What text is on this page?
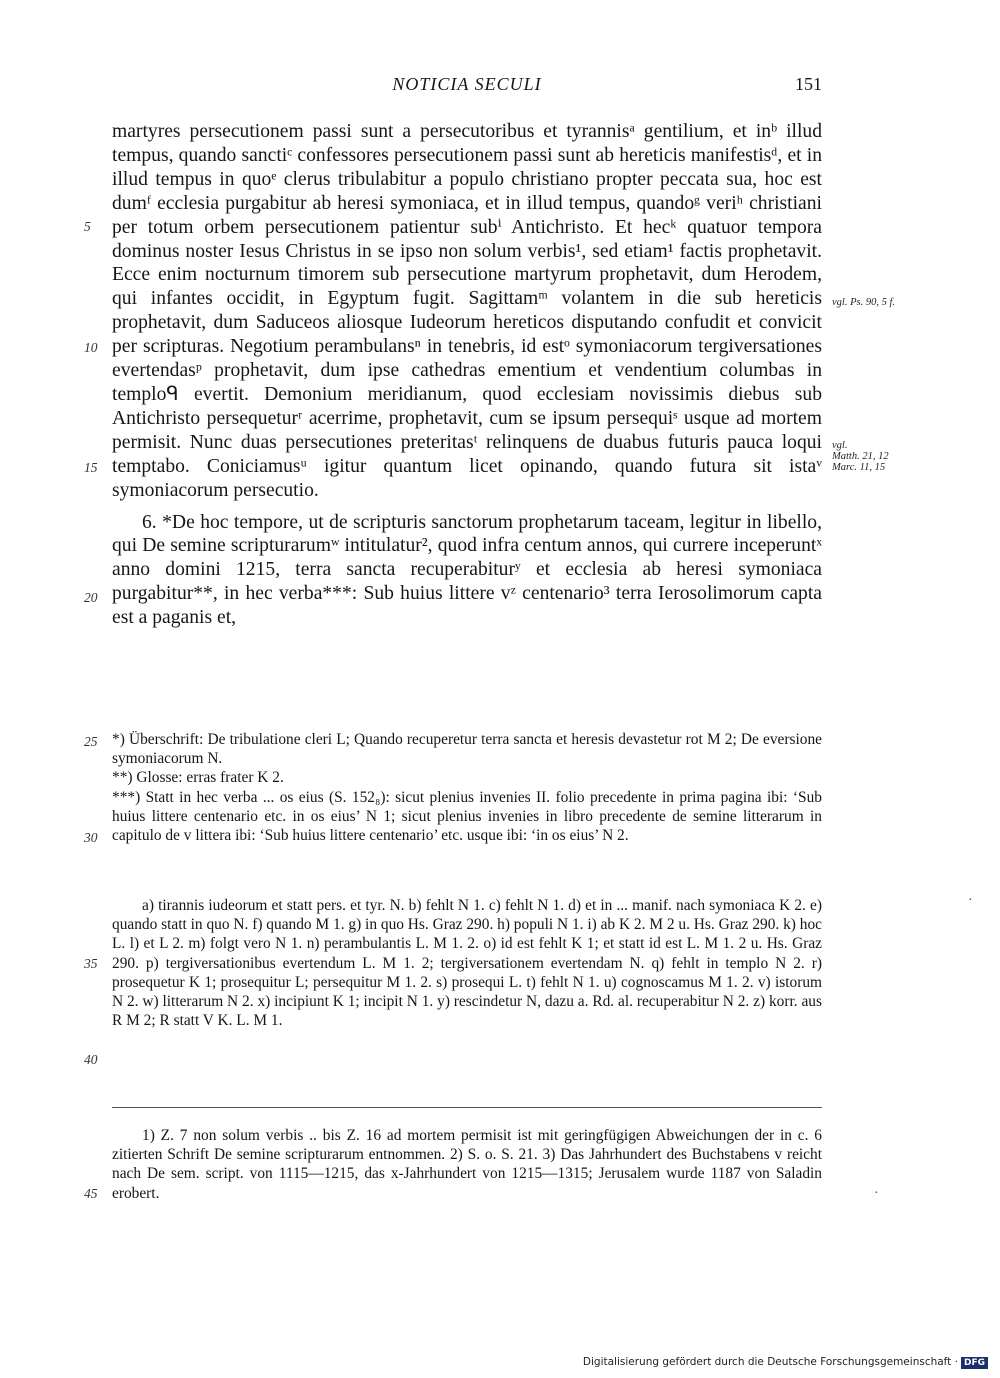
NOTICIA SECULI	151

martyres persecutionem passi sunt a persecutoribus et tyrannisᵃ gentilium, et inᵇ illud tempus, quando sanctiᶜ confessores persecutionem passi sunt ab hereticis manifestisᵈ, et in illud tempus in quoᵉ clerus tribulabitur a populo christiano propter peccata sua, hoc est dumᶠ ecclesia purgabitur ab heresi symoniaca, et in illud tempus, quandoᵍ veriʰ christiani per totum orbem persecutionem patientur subⁱ Antichristo. Et hecᵏ quatuor tempora dominus noster Iesus Christus in se ipso non solum verbis¹, sed etiam¹ factis prophetavit. Ecce enim nocturnum timorem sub persecutione martyrum prophetavit, dum Herodem, qui infantes occidit, in Egyptum fugit. Sagittamᵐ volantem in die sub hereticis prophetavit, dum Saduceos aliosque Iudeorum hereticos disputando confudit et convicit per scripturas. Negotium perambulansⁿ in tenebris, id estᵒ symoniacorum tergiversationes evertendasᵖ prophetavit, dum ipse cathedras ementium et vendentium columbas in temploᑫ evertit. Demonium meridianum, quod ecclesiam novissimis diebus sub Antichristo persequeturʳ acerrime, prophetavit, cum se ipsum persequiˢ usque ad mortem permisit. Nunc duas persecutiones preteritasᵗ relinquens de duabus futuris pauca loqui temptabo. Coniciamusᵘ igitur quantum licet opinando, quando futura sit istaᵛ symoniacorum persecutio.

6. *De hoc tempore, ut de scripturis sanctorum prophetarum taceam, legitur in libello, qui De semine scripturarumʷ intitulatur², quod infra centum annos, qui currere inceperuntˣ anno domini 1215, terra sancta recuperabiturʸ et ecclesia ab heresi symoniaca purgabitur**, in hec verba***: Sub huius littere vᶻ centenario³ terra Ierosolimorum capta est a paganis et,

5
10
15
20
25
30
35
40
45
vgl. Ps. 90, 5 f.
vgl.
Matth. 21, 12
Marc. 11, 15

*) Überschrift: De tribulatione cleri L; Quando recuperetur terra sancta et heresis devastetur rot M 2; De eversione symoniacorum N.

**) Glosse: erras frater K 2.

***) Statt in hec verba ... os eius (S. 152₈): sicut plenius invenies II. folio precedente in prima pagina ibi: ‘Sub huius littere centenario etc. in os eius’ N 1; sicut plenius invenies in libro precedente de semine litterarum in capitulo de v littera ibi: ‘Sub huius littere centenario’ etc. usque ibi: ‘in os eius’ N 2.

a) tirannis iudeorum et statt pers. et tyr. N. b) fehlt N 1. c) fehlt N 1. d) et in ... manif. nach symoniaca K 2. e) quando statt in quo N. f) quando M 1. g) in quo Hs. Graz 290. h) populi N 1. i) ab K 2. M 2 u. Hs. Graz 290. k) hoc L. l) et L 2. m) folgt vero N 1. n) perambulantis L. M 1. 2. o) id est fehlt K 1; et statt id est L. M 1. 2 u. Hs. Graz 290. p) tergiversationibus evertendum L. M 1. 2; tergiversationem evertendam N. q) fehlt in templo N 2. r) prosequetur K 1; prosequitur L; persequitur M 1. 2. s) prosequi L. t) fehlt N 1. u) cognoscamus M 1. 2. v) istorum N 2. w) litterarum N 2. x) incipiunt K 1; incipit N 1. y) rescindetur N, dazu a. Rd. al. recuperabitur N 2. z) korr. aus R M 2; R statt V K. L. M 1.

1) Z. 7 non solum verbis .. bis Z. 16 ad mortem permisit ist mit geringfügigen Abweichungen der in c. 6 zitierten Schrift De semine scripturarum entnommen. 2) S. o. S. 21. 3) Das Jahrhundert des Buchstabens v reicht nach De sem. script. von 1115—1215, das x-Jahrhundert von 1215—1315; Jerusalem wurde 1187 von Saladin erobert.

·
·
Digitalisierung gefördert durch die Deutsche Forschungsgemeinschaft · DFG
